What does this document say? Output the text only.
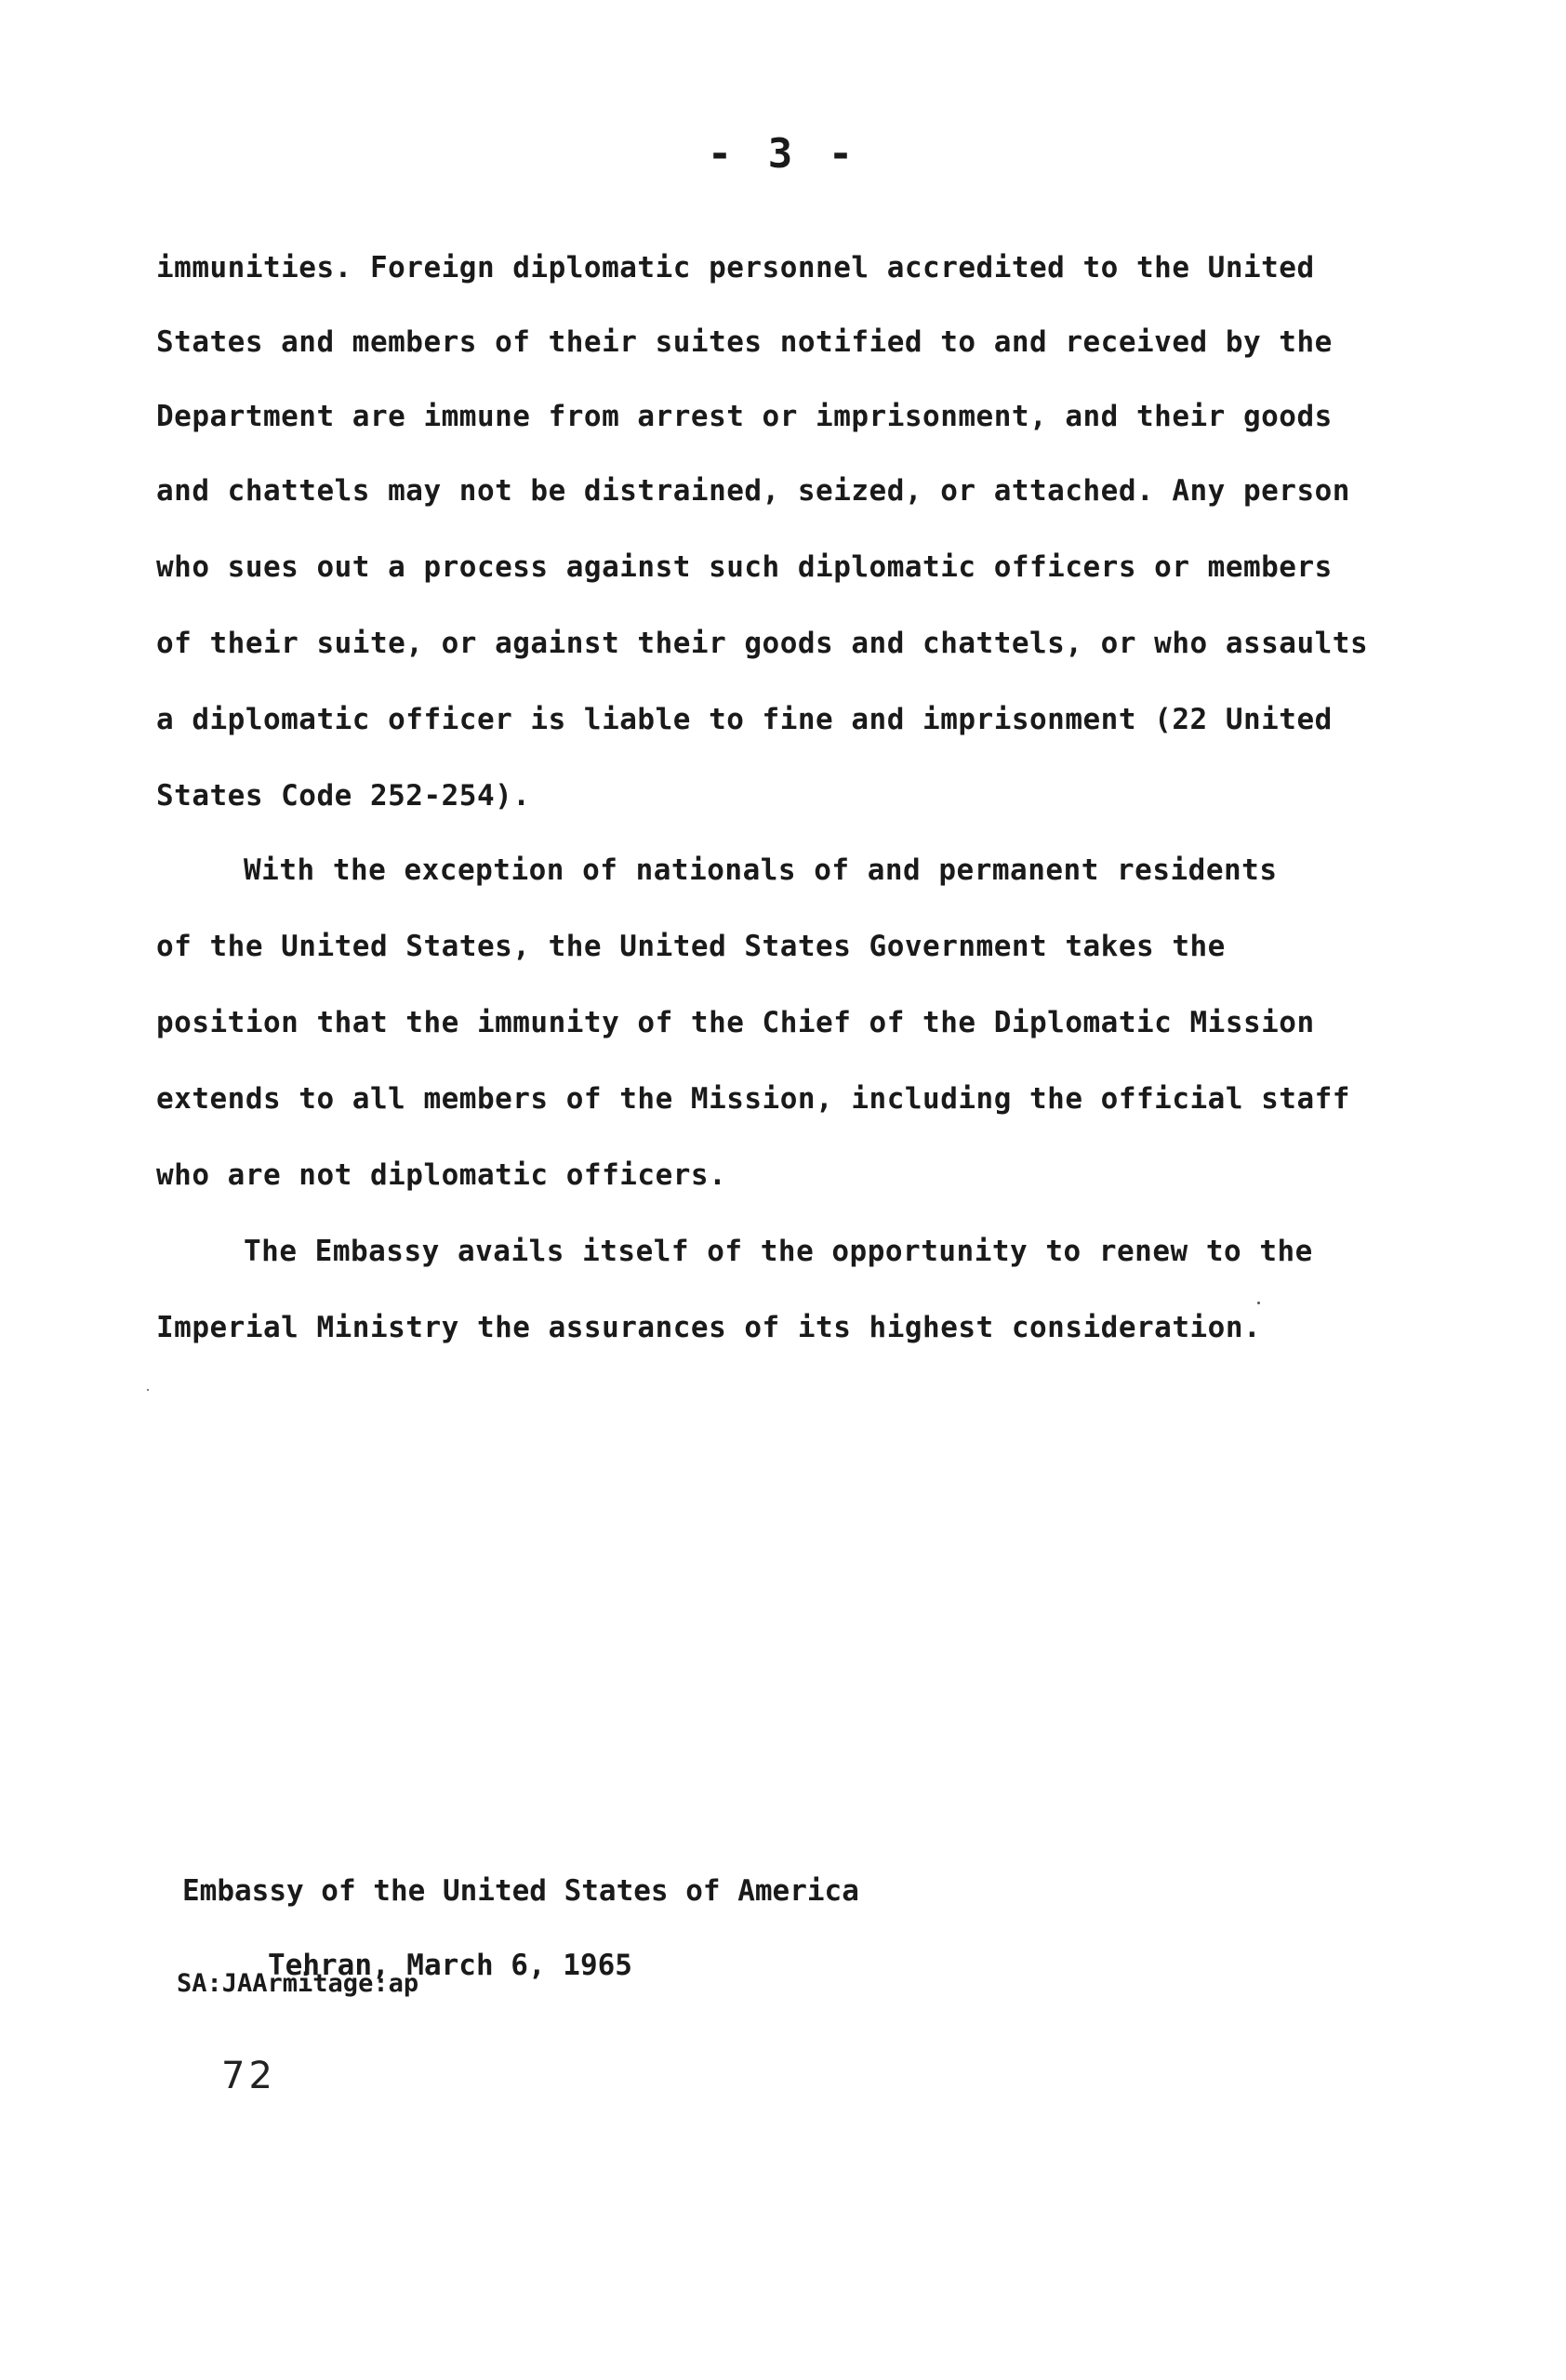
- 3 -
immunities. Foreign diplomatic personnel accredited to the United
States and members of their suites notified to and received by the
Department are immune from arrest or imprisonment, and their goods
and chattels may not be distrained, seized, or attached. Any person
who sues out a process against such diplomatic officers or members
of their suite, or against their goods and chattels, or who assaults
a diplomatic officer is liable to fine and imprisonment (22 United
States Code 252-254).
With the exception of nationals of and permanent residents
of the United States, the United States Government takes the
position that the immunity of the Chief of the Diplomatic Mission
extends to all members of the Mission, including the official staff
who are not diplomatic officers.
The Embassy avails itself of the opportunity to renew to the
Imperial Ministry the assurances of its highest consideration.
Embassy of the United States of America
Tehran, March 6, 1965
SA:JAArmitage:ap
72
